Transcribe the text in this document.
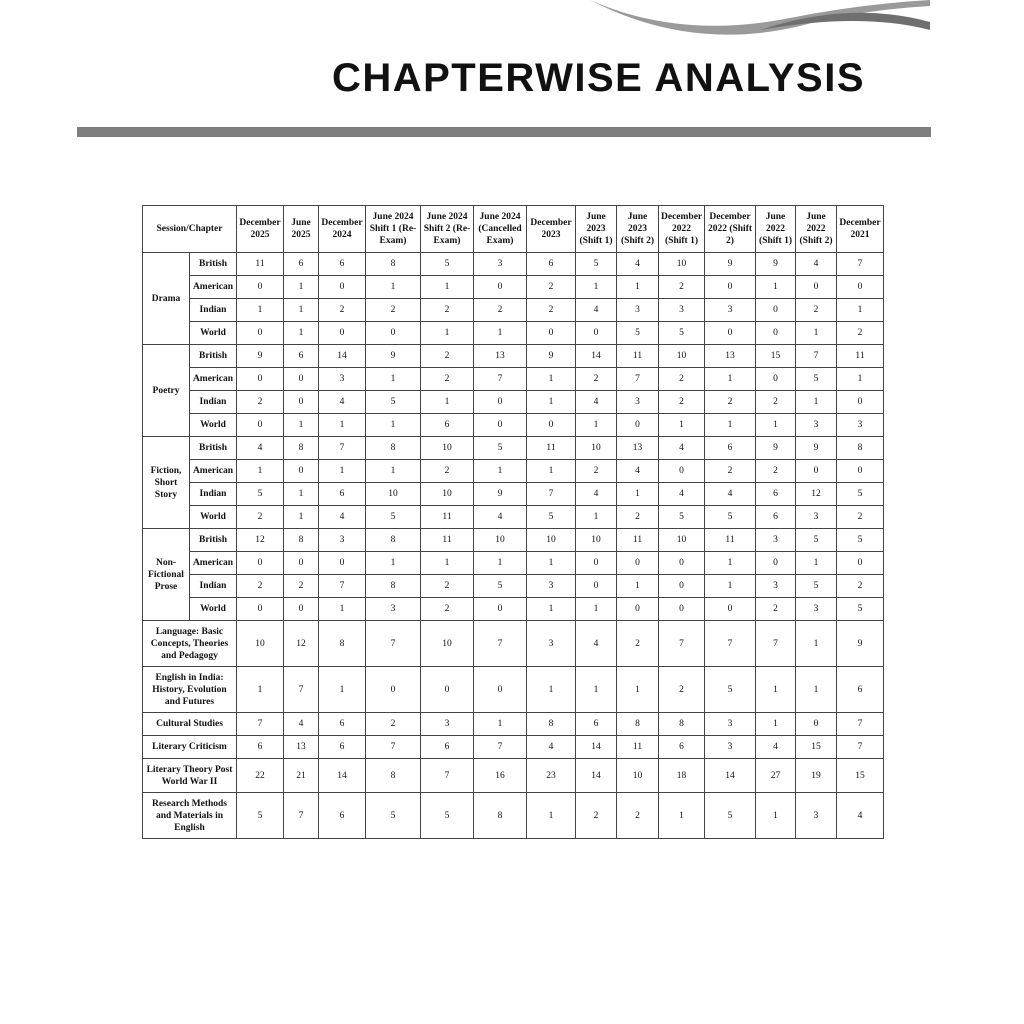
CHAPTERWISE ANALYSIS
Session/Chapter		December 2025	June 2025	December 2024	June 2024 Shift 1 (Re-Exam)	June 2024 Shift 2 (Re-Exam)	June 2024 (Cancelled Exam)	December 2023	June 2023 (Shift 1)	June 2023 (Shift 2)	December 2022 (Shift 1)	December 2022 (Shift 2)	June 2022 (Shift 1)	June 2022 (Shift 2)	December 2021
Drama	British	11	6	6	8	5	3	6	5	4	10	9	9	4	7
	American	0	1	0	1	1	0	2	1	1	2	0	1	0	0
	Indian	1	1	2	2	2	2	2	4	3	3	3	0	2	1
	World	0	1	0	0	1	1	0	0	5	5	0	0	1	2
Poetry	British	9	6	14	9	2	13	9	14	11	10	13	15	7	11
	American	0	0	3	1	2	7	1	2	7	2	1	0	5	1
	Indian	2	0	4	5	1	0	1	4	3	2	2	2	1	0
	World	0	1	1	1	6	0	0	1	0	1	1	1	3	3
Fiction, Short Story	British	4	8	7	8	10	5	11	10	13	4	6	9	9	8
	American	1	0	1	1	2	1	1	2	4	0	2	2	0	0
	Indian	5	1	6	10	10	9	7	4	1	4	4	6	12	5
	World	2	1	4	5	11	4	5	1	2	5	5	6	3	2
Non-Fictional Prose	British	12	8	3	8	11	10	10	10	11	10	11	3	5	5
	American	0	0	0	1	1	1	1	0	0	0	1	0	1	0
	Indian	2	2	7	8	2	5	3	0	1	0	1	3	5	2
	World	0	0	1	3	2	0	1	1	0	0	0	2	3	5
Language: Basic Concepts, Theories and Pedagogy		10	12	8	7	10	7	3	4	2	7	7	7	1	9
English in India: History, Evolution and Futures		1	7	1	0	0	0	1	1	1	2	5	1	1	6
Cultural Studies		7	4	6	2	3	1	8	6	8	8	3	1	0	7
Literary Criticism		6	13	6	7	6	7	4	14	11	6	3	4	15	7
Literary Theory Post World War II		22	21	14	8	7	16	23	14	10	18	14	27	19	15
Research Methods and Materials in English		5	7	6	5	5	8	1	2	2	1	5	1	3	4
